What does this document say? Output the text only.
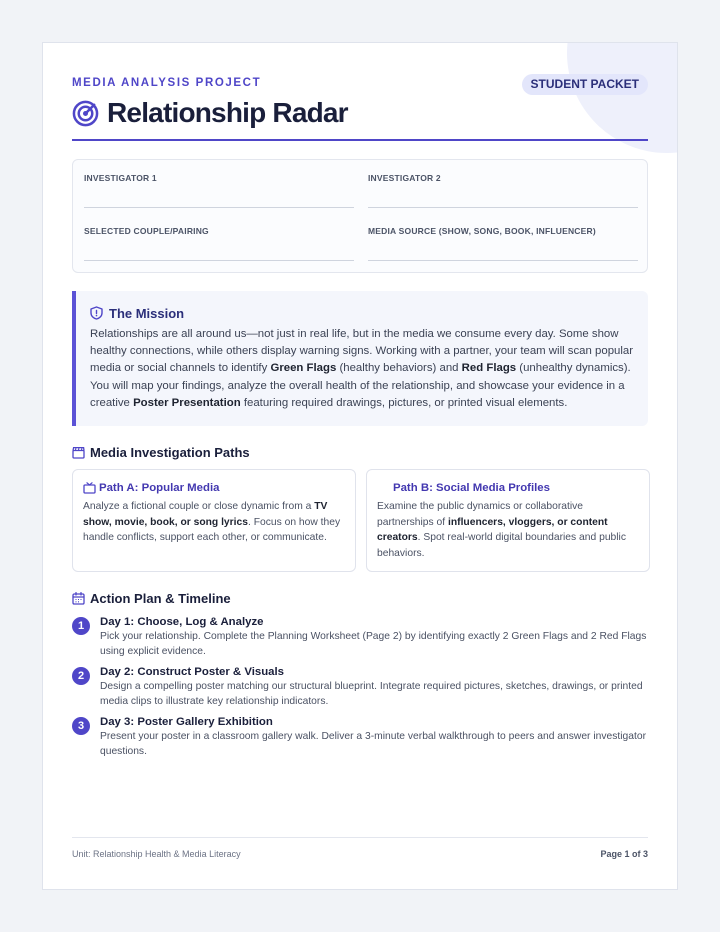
MEDIA ANALYSIS PROJECT	STUDENT PACKET
Relationship Radar
INVESTIGATOR 1	INVESTIGATOR 2
SELECTED COUPLE/PAIRING	MEDIA SOURCE (SHOW, SONG, BOOK, INFLUENCER)
The Mission

Relationships are all around us—not just in real life, but in the media we consume every day. Some show healthy connections, while others display warning signs. Working with a partner, your team will scan popular media or social channels to identify Green Flags (healthy behaviors) and Red Flags (unhealthy dynamics). You will map your findings, analyze the overall health of the relationship, and showcase your evidence in a creative Poster Presentation featuring required drawings, pictures, or printed visual elements.

Media Investigation Paths
Path A: Popular Media

Analyze a fictional couple or close dynamic from a TV show, movie, book, or song lyrics. Focus on how they handle conflicts, support each other, or communicate.

Path B: Social Media Profiles

Examine the public dynamics or collaborative partnerships of influencers, vloggers, or content creators. Spot real-world digital boundaries and public behaviors.

Action Plan & Timeline
1	Day 1: Choose, Log & Analyze
Pick your relationship. Complete the Planning Worksheet (Page 2) by identifying exactly 2 Green Flags and 2 Red Flags using explicit evidence.
2	Day 2: Construct Poster & Visuals
Design a compelling poster matching our structural blueprint. Integrate required pictures, sketches, drawings, or printed media clips to illustrate key relationship indicators.
3	Day 3: Poster Gallery Exhibition
Present your poster in a classroom gallery walk. Deliver a 3-minute verbal walkthrough to peers and answer investigator questions.
Unit: Relationship Health & Media Literacy	Page 1 of 3
